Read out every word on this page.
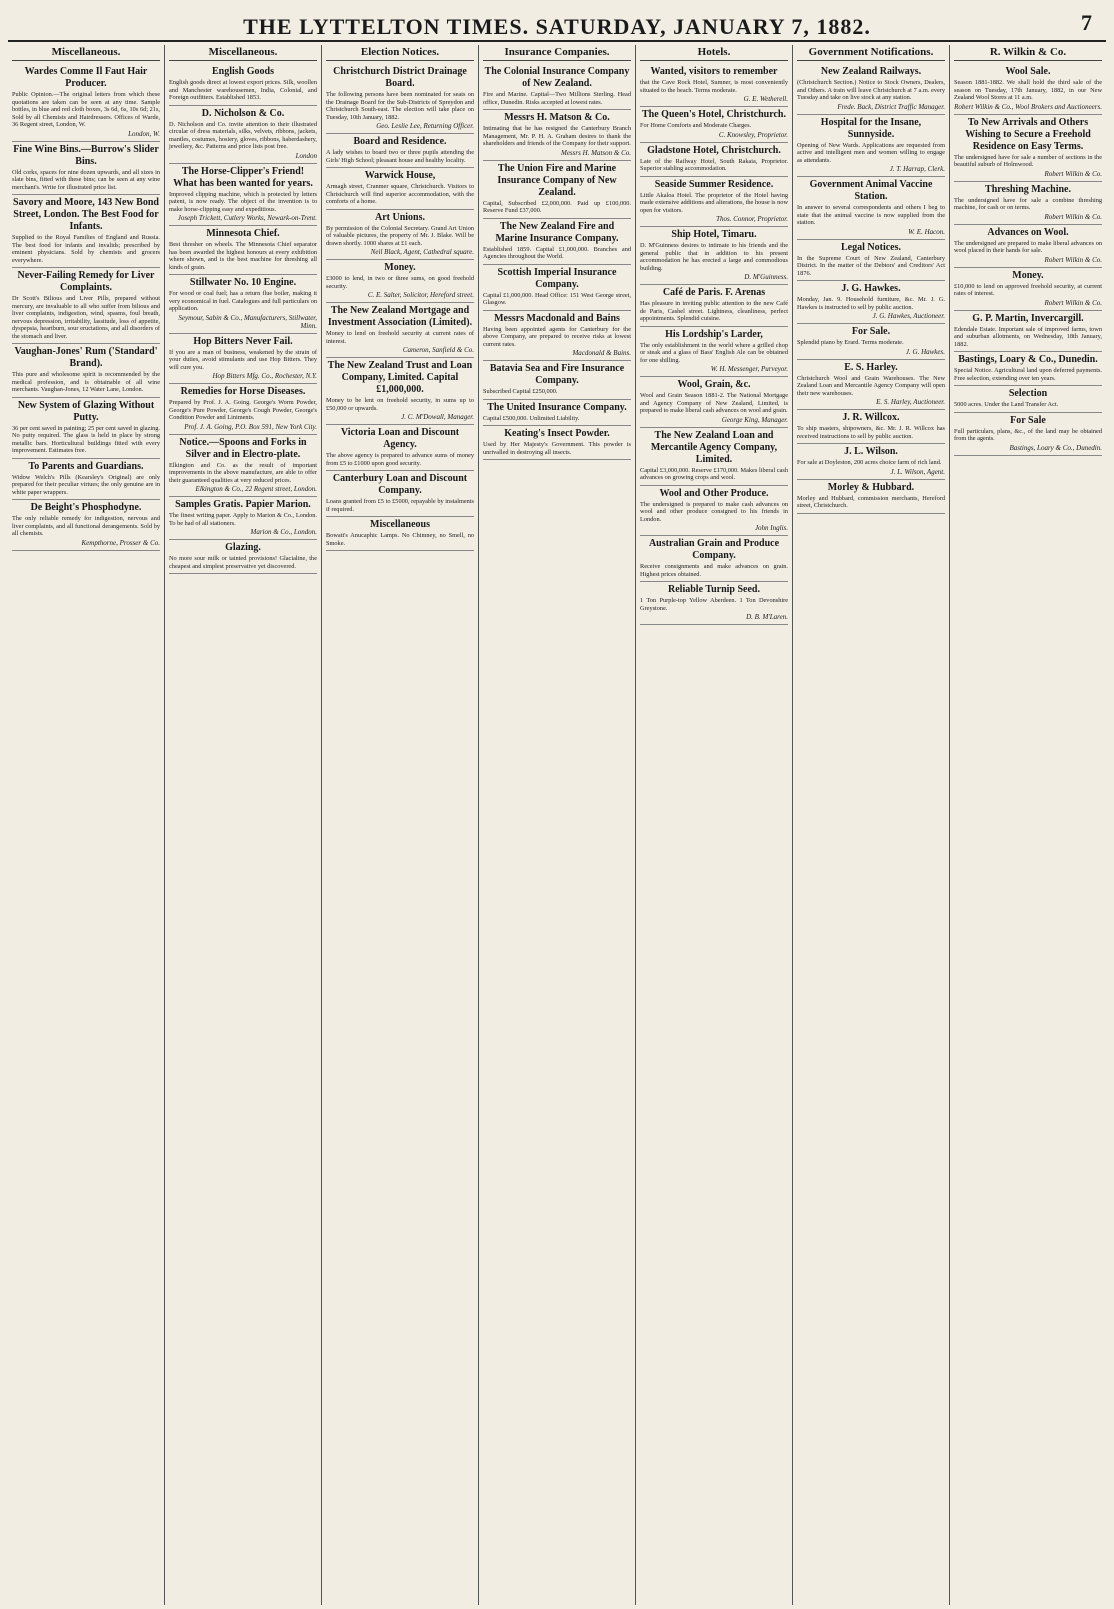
THE LYTTELTON TIMES. SATURDAY, JANUARY 7, 1882.	7
Miscellaneous.
Wardes Comme Il Faut Hair Producer.
Public Opinion.—The original letters from which these quotations are taken can be seen at any time. Sample bottles, in blue and red cloth boxes, 3s 6d, 6s, 10s 6d; 21s, Sold by all Chemists and Hairdressers. Offices of Warde, 36 Regent street, London, W.
London, W.
Fine Wine Bins.—Burrow's Slider Bins.
Old corks, spaces for nine dozen upwards, and all sizes in slate bins, fitted with these bins; can be seen at any wine merchant's. Write for illustrated price list.
Savory and Moore, 143 New Bond Street, London. The Best Food for Infants.
Supplied to the Royal Families of England and Russia. The best food for infants and invalids; prescribed by eminent physicians. Sold by chemists and grocers everywhere.
Never-Failing Remedy for Liver Complaints.
Dr Scott's Bilious and Liver Pills, prepared without mercury, are invaluable to all who suffer from bilious and liver complaints, indigestion, wind, spasms, foul breath, nervous depression, irritability, lassitude, loss of appetite, dyspepsia, heartburn, sour eructations, and all disorders of the stomach and liver.
Vaughan-Jones' Rum ('Standard' Brand).
This pure and wholesome spirit is recommended by the medical profession, and is obtainable of all wine merchants. Vaughan-Jones, 12 Water Lane, London.
New System of Glazing Without Putty.
36 per cent saved in painting; 25 per cent saved in glazing. No putty required. The glass is held in place by strong metallic bars. Horticultural buildings fitted with every improvement. Estimates free.
To Parents and Guardians.
Widow Welch's Pills (Kearsley's Original) are only prepared for their peculiar virtues; the only genuine are in white paper wrappers.
De Beight's Phosphodyne.
The only reliable remedy for indigestion, nervous and liver complaints, and all functional derangements. Sold by all chemists.
Kempthorne, Prosser & Co.
Miscellaneous.
English Goods
English goods direct at lowest export prices. Silk, woollen and Manchester warehousemen, India, Colonial, and Foreign outfitters. Established 1853.
D. Nicholson & Co.
D. Nicholson and Co. invite attention to their illustrated circular of dress materials, silks, velvets, ribbons, jackets, mantles, costumes, hosiery, gloves, ribbons, haberdashery, jewellery, &c. Patterns and price lists post free.
London
The Horse-Clipper's Friend! What has been wanted for years.
Improved clipping machine, which is protected by letters patent, is now ready. The object of the invention is to make horse-clipping easy and expeditious.
Joseph Trickett, Cutlery Works, Newark-on-Trent.
Minnesota Chief.
Best thresher on wheels. The Minnesota Chief separator has been awarded the highest honours at every exhibition where shown, and is the best machine for threshing all kinds of grain.
Stillwater No. 10 Engine.
For wood or coal fuel; has a return flue boiler, making it very economical in fuel. Catalogues and full particulars on application.
Seymour, Sabin & Co., Manufacturers, Stillwater, Minn.
Hop Bitters Never Fail.
If you are a man of business, weakened by the strain of your duties, avoid stimulants and use Hop Bitters. They will cure you.
Hop Bitters Mfg. Co., Rochester, N.Y.
Remedies for Horse Diseases.
Prepared by Prof. J. A. Going. George's Worm Powder, George's Pure Powder, George's Cough Powder, George's Condition Powder and Liniments.
Prof. J. A. Going, P.O. Box 591, New York City.
Notice.—Spoons and Forks in Silver and in Electro-plate.
Elkington and Co. as the result of important improvements in the above manufacture, are able to offer their guaranteed qualities at very reduced prices.
Elkington & Co., 22 Regent street, London.
Samples Gratis. Papier Marion.
The finest writing paper. Apply to Marion & Co., London. To be had of all stationers.
Marion & Co., London.
Glazing.
No more sour milk or tainted provisions! Glacialine, the cheapest and simplest preservative yet discovered.
Election Notices.
Christchurch District Drainage Board.
The following persons have been nominated for seats on the Drainage Board for the Sub-Districts of Spreydon and Christchurch South-east. The election will take place on Tuesday, 10th January, 1882.
Geo. Leslie Lee, Returning Officer.
Board and Residence.
A lady wishes to board two or three pupils attending the Girls' High School; pleasant house and healthy locality.
Warwick House,
Armagh street, Cranmer square, Christchurch. Visitors to Christchurch will find superior accommodation, with the comforts of a home.
Art Unions.
By permission of the Colonial Secretary. Grand Art Union of valuable pictures, the property of Mr. J. Blake. Will be drawn shortly. 1000 shares at £1 each.
Neil Black, Agent, Cathedral square.
Money.
£3000 to lend, in two or three sums, on good freehold security.
C. E. Salter, Solicitor, Hereford street.
The New Zealand Mortgage and Investment Association (Limited).
Money to lend on freehold security at current rates of interest.
Cameron, Sanfield & Co.
The New Zealand Trust and Loan Company, Limited. Capital £1,000,000.
Money to be lent on freehold security, in sums up to £50,000 or upwards.
J. C. M'Dowall, Manager.
Victoria Loan and Discount Agency.
The above agency is prepared to advance sums of money from £5 to £1000 upon good security.
Canterbury Loan and Discount Company.
Loans granted from £5 to £5000, repayable by instalments if required.
Miscellaneous
Bowatt's Anucaphic Lamps. No Chimney, no Smell, no Smoke.
Insurance Companies.
The Colonial Insurance Company of New Zealand.
Fire and Marine. Capital—Two Millions Sterling. Head office, Dunedin. Risks accepted at lowest rates.
Messrs H. Matson & Co.
Intimating that he has resigned the Canterbury Branch Management, Mr. P. H. A. Graham desires to thank the shareholders and friends of the Company for their support.
Messrs H. Matson & Co.
The Union Fire and Marine Insurance Company of New Zealand.
Capital, Subscribed £2,000,000. Paid up £100,000. Reserve Fund £37,000.
The New Zealand Fire and Marine Insurance Company.
Established 1859. Capital £1,000,000. Branches and Agencies throughout the World.
Scottish Imperial Insurance Company.
Capital £1,000,000. Head Office: 151 West George street, Glasgow.
Messrs Macdonald and Bains
Having been appointed agents for Canterbury for the above Company, are prepared to receive risks at lowest current rates.
Macdonald & Bains.
Batavia Sea and Fire Insurance Company.
Subscribed Capital £250,000.
The United Insurance Company.
Capital £500,000. Unlimited Liability.
Keating's Insect Powder.
Used by Her Majesty's Government. This powder is unrivalled in destroying all insects.
Hotels.
Wanted, visitors to remember
that the Cave Rock Hotel, Sumner, is most conveniently situated to the beach. Terms moderate.
G. E. Wetherell.
The Queen's Hotel, Christchurch.
For Home Comforts and Moderate Charges.
C. Knowsley, Proprietor.
Gladstone Hotel, Christchurch.
Late of the Railway Hotel, South Rakaia, Proprietor. Superior stabling accommodation.
Seaside Summer Residence.
Little Akaloa Hotel. The proprietor of the Hotel having made extensive additions and alterations, the house is now open for visitors.
Thos. Connor, Proprietor.
Ship Hotel, Timaru.
D. M'Guinness desires to intimate to his friends and the general public that in addition to his present accommodation he has erected a large and commodious building.
D. M'Guinness.
Café de Paris. F. Arenas
Has pleasure in inviting public attention to the new Café de Paris, Cashel street. Lightness, cleanliness, perfect appointments. Splendid cuisine.
His Lordship's Larder,
The only establishment in the world where a grilled chop or steak and a glass of Bass' English Ale can be obtained for one shilling.
W. H. Messenger, Purveyor.
Wool, Grain, &c.
Wool and Grain Season 1881-2. The National Mortgage and Agency Company of New Zealand, Limited, is prepared to make liberal cash advances on wool and grain.
George King, Manager.
The New Zealand Loan and Mercantile Agency Company, Limited.
Capital £3,000,000. Reserve £170,000. Makes liberal cash advances on growing crops and wool.
Wool and Other Produce.
The undersigned is prepared to make cash advances on wool and other produce consigned to his friends in London.
John Inglis.
Australian Grain and Produce Company.
Receive consignments and make advances on grain. Highest prices obtained.
Reliable Turnip Seed.
1 Ton Purple-top Yellow Aberdeen. 1 Ton Devonshire Greystone.
D. B. M'Laren.
Government Notifications.
New Zealand Railways.
(Christchurch Section.) Notice to Stock Owners, Dealers, and Others. A train will leave Christchurch at 7 a.m. every Tuesday and take on live stock at any station.
Frede. Back, District Traffic Manager.
Hospital for the Insane, Sunnyside.
Opening of New Wards. Applications are requested from active and intelligent men and women willing to engage as attendants.
J. T. Harrap, Clerk.
Government Animal Vaccine Station.
In answer to several correspondents and others I beg to state that the animal vaccine is now supplied from the station.
W. E. Hacon.
Legal Notices.
In the Supreme Court of New Zealand, Canterbury District. In the matter of the Debtors' and Creditors' Act 1876.
J. G. Hawkes.
Monday, Jan. 9. Household furniture, &c. Mr. J. G. Hawkes is instructed to sell by public auction.
J. G. Hawkes, Auctioneer.
For Sale.
Splendid piano by Erard. Terms moderate.
J. G. Hawkes.
E. S. Harley.
Christchurch Wool and Grain Warehouses. The New Zealand Loan and Mercantile Agency Company will open their new warehouses.
E. S. Harley, Auctioneer.
J. R. Willcox.
To ship masters, shipowners, &c. Mr. J. R. Willcox has received instructions to sell by public auction.
J. L. Wilson.
For sale at Doyleston, 200 acres choice farm of rich land.
J. L. Wilson, Agent.
Morley & Hubbard.
Morley and Hubbard, commission merchants, Hereford street, Christchurch.
R. Wilkin & Co.
Wool Sale.
Season 1881-1882. We shall hold the third sale of the season on Tuesday, 17th January, 1882, in our New Zealand Wool Stores at 11 a.m.
Robert Wilkin & Co., Wool Brokers and Auctioneers.
To New Arrivals and Others Wishing to Secure a Freehold Residence on Easy Terms.
The undersigned have for sale a number of sections in the beautiful suburb of Holmwood.
Robert Wilkin & Co.
Threshing Machine.
The undersigned have for sale a combine threshing machine, for cash or on terms.
Robert Wilkin & Co.
Advances on Wool.
The undersigned are prepared to make liberal advances on wool placed in their hands for sale.
Robert Wilkin & Co.
Money.
£10,000 to lend on approved freehold security, at current rates of interest.
Robert Wilkin & Co.
G. P. Martin, Invercargill.
Edendale Estate. Important sale of improved farms, town and suburban allotments, on Wednesday, 18th January, 1882.
Bastings, Loary & Co., Dunedin.
Special Notice. Agricultural land upon deferred payments. Free selection, extending over ten years.
Selection
5000 acres. Under the Land Transfer Act.
For Sale
Full particulars, plans, &c., of the land may be obtained from the agents.
Bastings, Loary & Co., Dunedin.
